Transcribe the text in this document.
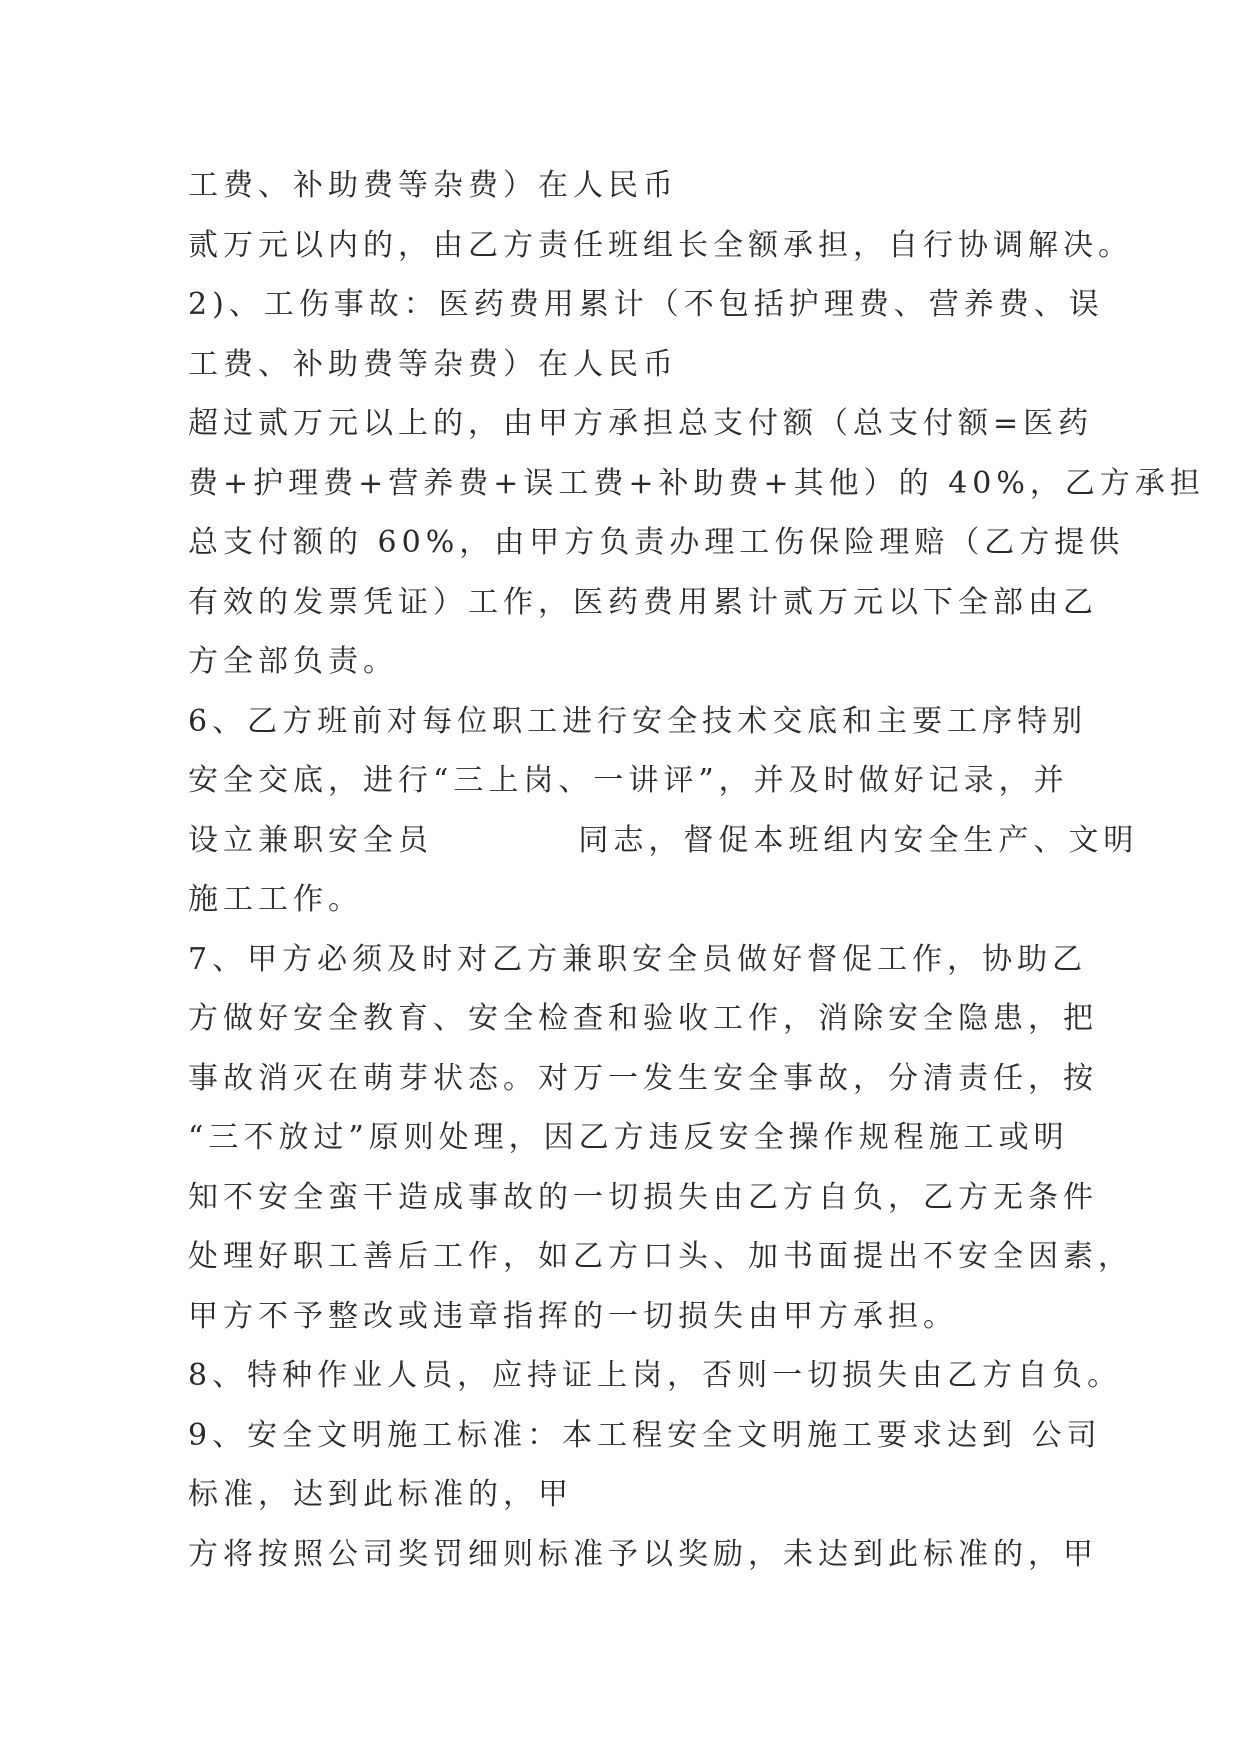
工费、补助费等杂费）在人民币

贰万元以内的，由乙方责任班组长全额承担，自行协调解决。

2)、工伤事故：医药费用累计（不包括护理费、营养费、误

工费、补助费等杂费）在人民币

超过贰万元以上的，由甲方承担总支付额（总支付额=医药

费+护理费+营养费+误工费+补助费+其他）的 40%，乙方承担

总支付额的 60%，由甲方负责办理工伤保险理赔（乙方提供

有效的发票凭证）工作，医药费用累计贰万元以下全部由乙

方全部负责。

6、乙方班前对每位职工进行安全技术交底和主要工序特别

安全交底，进行“三上岗、一讲评”，并及时做好记录，并

设立兼职安全员          同志，督促本班组内安全生产、文明

施工工作。

7、甲方必须及时对乙方兼职安全员做好督促工作，协助乙

方做好安全教育、安全检查和验收工作，消除安全隐患，把

事故消灭在萌芽状态。对万一发生安全事故，分清责任，按

“三不放过”原则处理，因乙方违反安全操作规程施工或明

知不安全蛮干造成事故的一切损失由乙方自负，乙方无条件

处理好职工善后工作，如乙方口头、加书面提出不安全因素，

甲方不予整改或违章指挥的一切损失由甲方承担。

8、特种作业人员，应持证上岗，否则一切损失由乙方自负。

9、安全文明施工标准：本工程安全文明施工要求达到 公司

标准，达到此标准的，甲

方将按照公司奖罚细则标准予以奖励，未达到此标准的，甲
